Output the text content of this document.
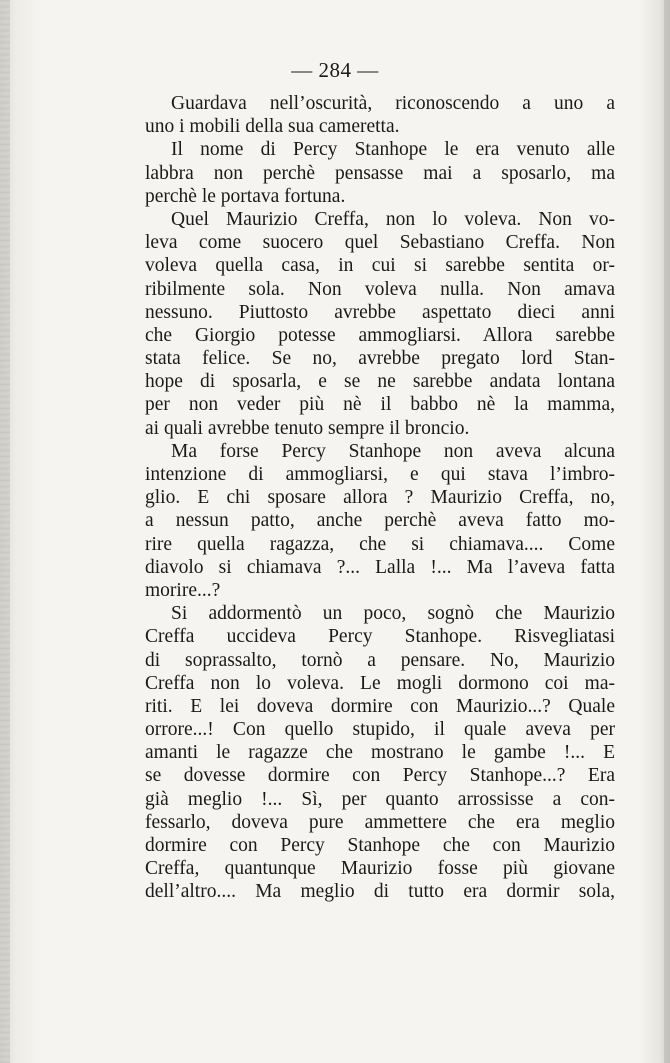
— 284 —
Guardava nell’oscurità, riconoscendo a uno a
uno i mobili della sua cameretta.
Il nome di Percy Stanhope le era venuto alle
labbra non perchè pensasse mai a sposarlo, ma
perchè le portava fortuna.
Quel Maurizio Creffa, non lo voleva. Non vo-
leva come suocero quel Sebastiano Creffa. Non
voleva quella casa, in cui si sarebbe sentita or-
ribilmente sola. Non voleva nulla. Non amava
nessuno. Piuttosto avrebbe aspettato dieci anni
che Giorgio potesse ammogliarsi. Allora sarebbe
stata felice. Se no, avrebbe pregato lord Stan-
hope di sposarla, e se ne sarebbe andata lontana
per non veder più nè il babbo nè la mamma,
ai quali avrebbe tenuto sempre il broncio.
Ma forse Percy Stanhope non aveva alcuna
intenzione di ammogliarsi, e qui stava l’imbro-
glio. E chi sposare allora ? Maurizio Creffa, no,
a nessun patto, anche perchè aveva fatto mo-
rire quella ragazza, che si chiamava.... Come
diavolo si chiamava ?... Lalla !... Ma l’aveva fatta
morire...?
Si addormentò un poco, sognò che Maurizio
Creffa uccideva Percy Stanhope. Risvegliatasi
di soprassalto, tornò a pensare. No, Maurizio
Creffa non lo voleva. Le mogli dormono coi ma-
riti. E lei doveva dormire con Maurizio...? Quale
orrore...! Con quello stupido, il quale aveva per
amanti le ragazze che mostrano le gambe !... E
se dovesse dormire con Percy Stanhope...? Era
già meglio !... Sì, per quanto arrossisse a con-
fessarlo, doveva pure ammettere che era meglio
dormire con Percy Stanhope che con Maurizio
Creffa, quantunque Maurizio fosse più giovane
dell’altro.... Ma meglio di tutto era dormir sola,
